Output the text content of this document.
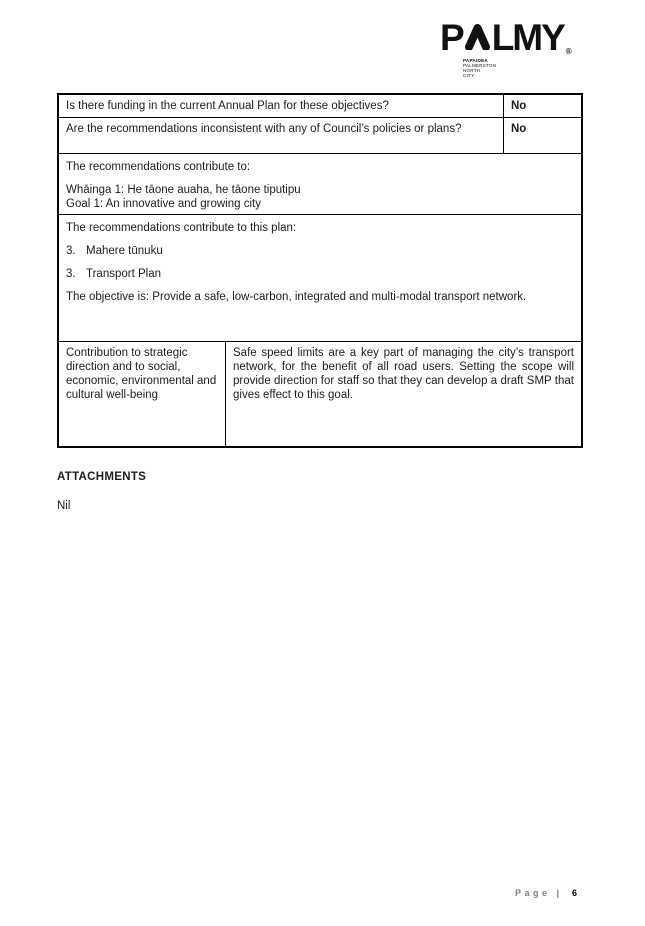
P LMY ®
PAPAIOEA
PALMERSTON
NORTH
CITY
Is there funding in the current Annual Plan for these objectives?	No
Are the recommendations inconsistent with any of Council’s policies or plans?	No
The recommendations contribute to:
Whāinga 1: He tāone auaha, he tāone tiputipu
Goal 1: An innovative and growing city
The recommendations contribute to this plan:
3. Mahere tūnuku
3. Transport Plan
The objective is: Provide a safe, low-carbon, integrated and multi-modal transport network.
Contribution to strategic direction and to social, economic, environmental and cultural well-being
Safe speed limits are a key part of managing the city’s transport network, for the benefit of all road users. Setting the scope will provide direction for staff so that they can develop a draft SMP that gives effect to this goal.
ATTACHMENTS
Nil
Page | 6
